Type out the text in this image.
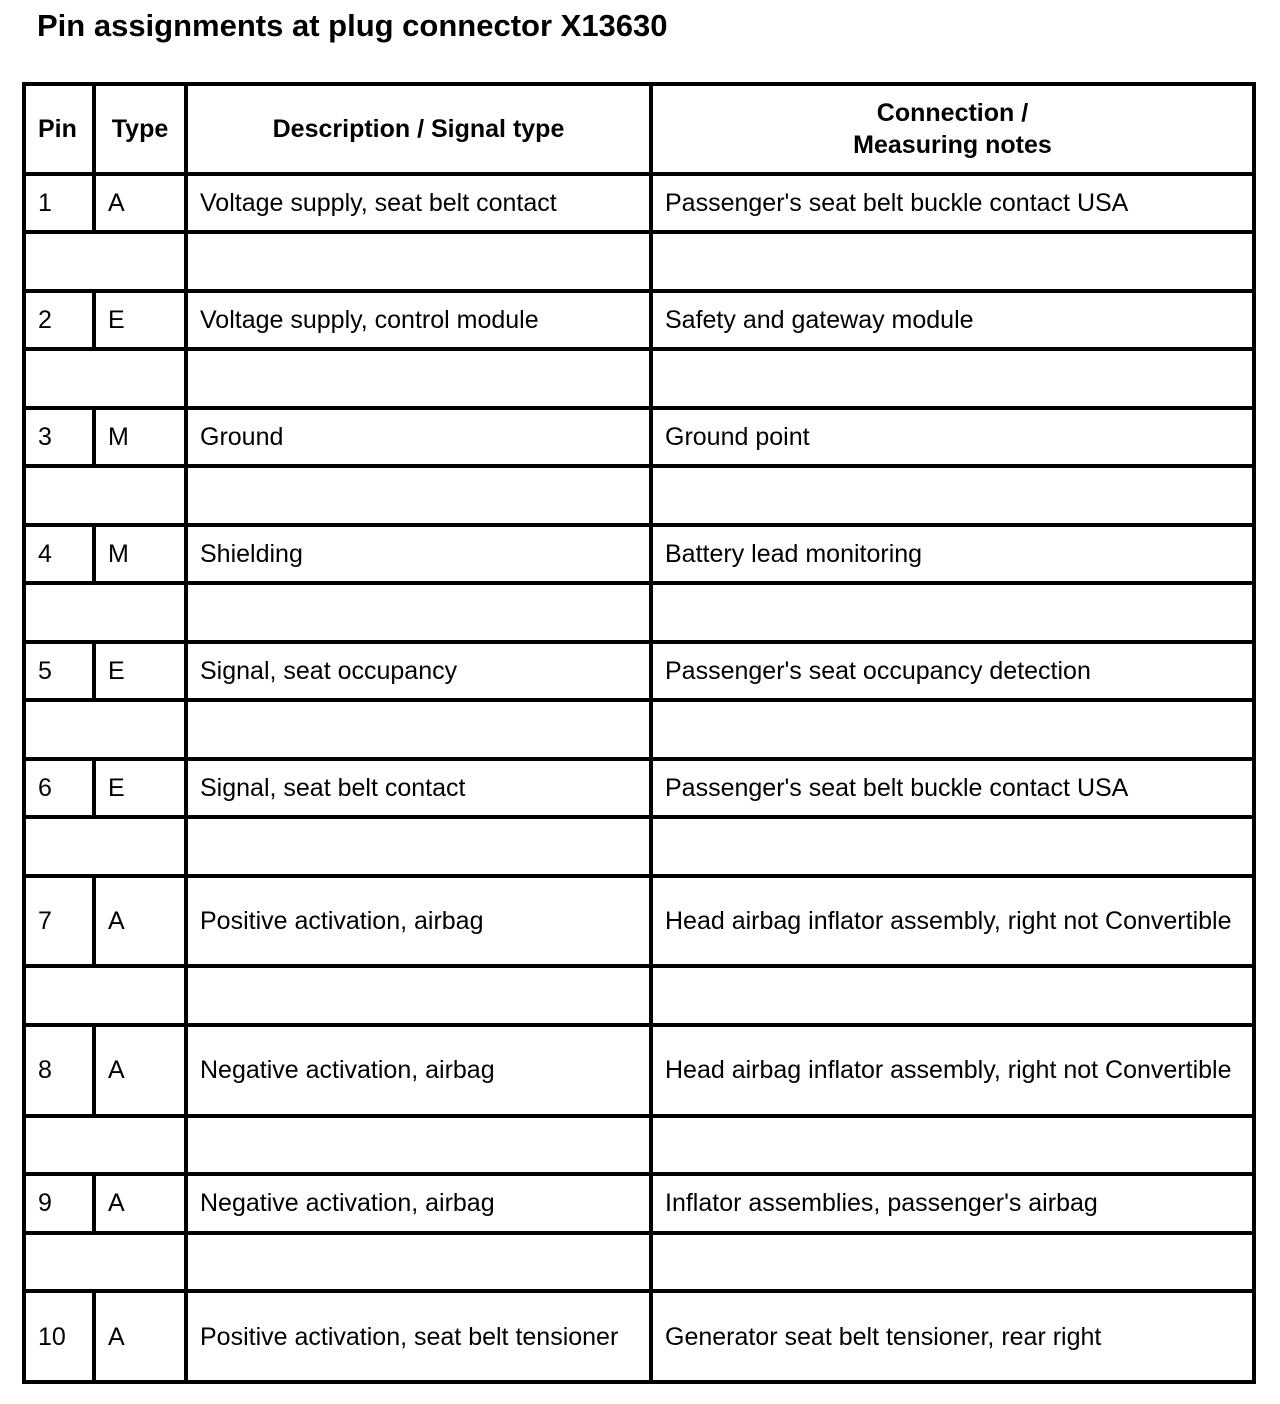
Pin assignments at plug connector X13630
Pin	Type	Description / Signal type	Connection /
Measuring notes
1	A	Voltage supply, seat belt contact	Passenger's seat belt buckle contact USA

2	E	Voltage supply, control module	Safety and gateway module

3	M	Ground	Ground point

4	M	Shielding	Battery lead monitoring

5	E	Signal, seat occupancy	Passenger's seat occupancy detection

6	E	Signal, seat belt contact	Passenger's seat belt buckle contact USA

7	A	Positive activation, airbag	Head airbag inflator assembly, right not Convertible

8	A	Negative activation, airbag	Head airbag inflator assembly, right not Convertible

9	A	Negative activation, airbag	Inflator assemblies, passenger's airbag

10	A	Positive activation, seat belt tensioner	Generator seat belt tensioner, rear right
